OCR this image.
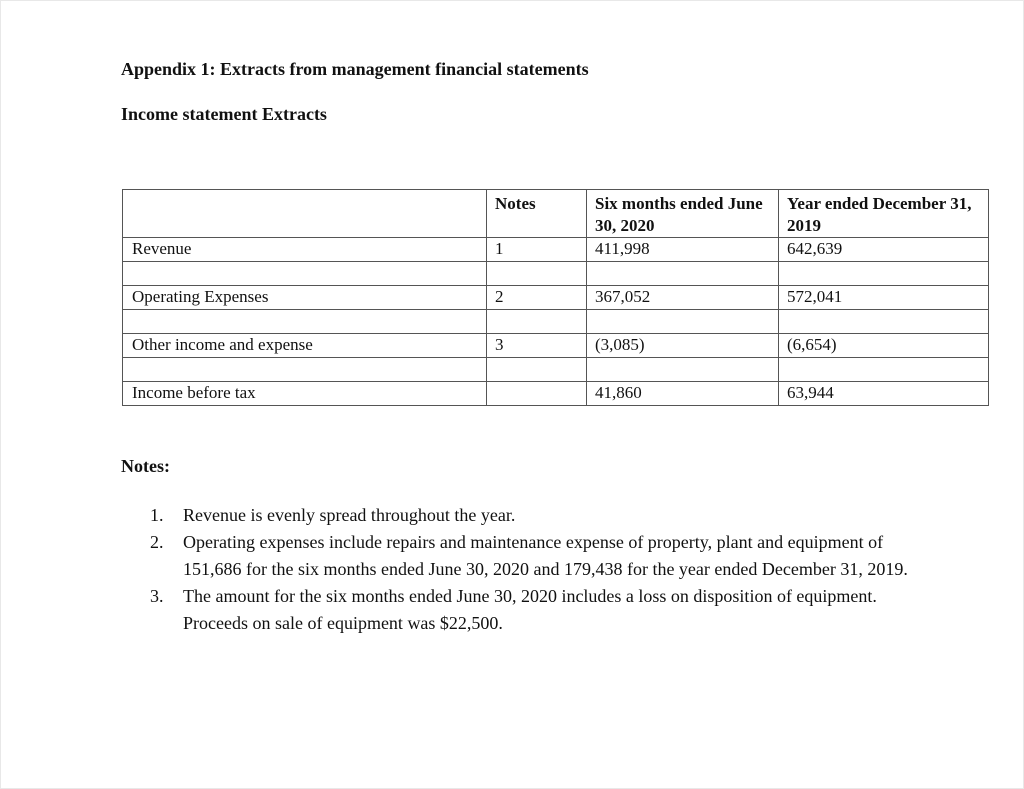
Appendix 1: Extracts from management financial statements
Income statement Extracts
	Notes	Six months ended June 30, 2020	Year ended December 31, 2019
Revenue	1	411,998	642,639

Operating Expenses	2	367,052	572,041

Other income and expense	3	(3,085)	(6,654)

Income before tax		41,860	63,944
Notes:
1. Revenue is evenly spread throughout the year.
2. Operating expenses include repairs and maintenance expense of property, plant and equipment of 151,686 for the six months ended June 30, 2020 and 179,438 for the year ended December 31, 2019.
3. The amount for the six months ended June 30, 2020 includes a loss on disposition of equipment. Proceeds on sale of equipment was $22,500.
